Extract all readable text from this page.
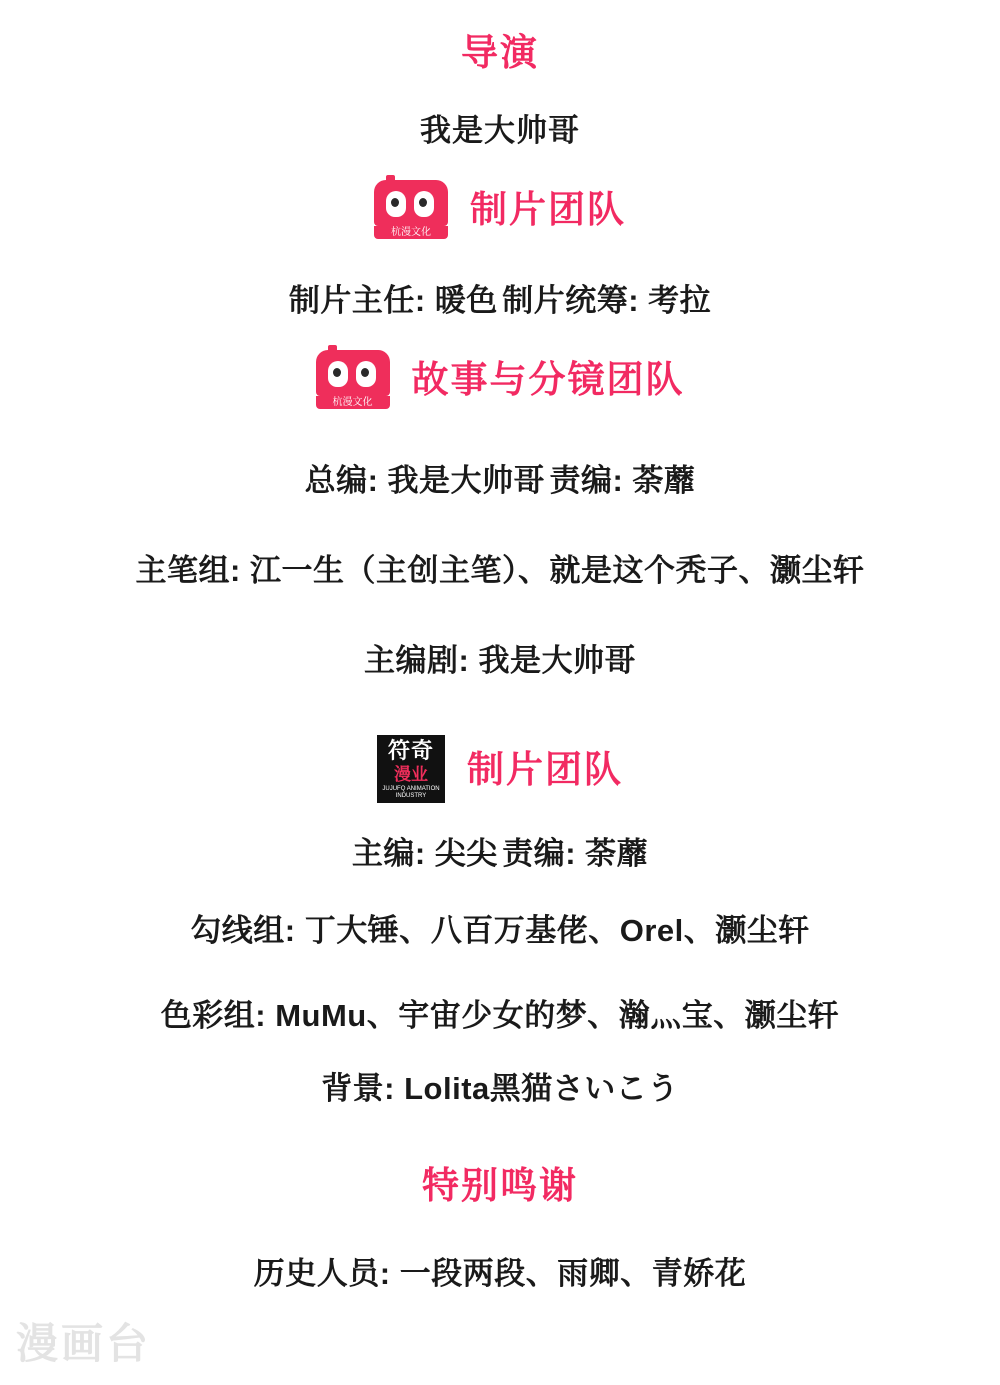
导演
我是大帅哥
杭漫文化
制片团队
制片主任: 暖色 制片统筹: 考拉
杭漫文化
故事与分镜团队
总编: 我是大帅哥 责编: 荼蘼
主笔组: 江一生（主创主笔）、就是这个秃子、灏尘轩
主编剧: 我是大帅哥
符奇
漫业
JUJUFQ ANIMATION INDUSTRY
制片团队
主编: 尖尖 责编: 荼蘼
勾线组: 丁大锤、八百万基佬、Orel、灏尘轩
色彩组: MuMu、宇宙少女的梦、瀚灬宝、灏尘轩
背景: Lolita黑猫さいこう
特别鸣谢
历史人员: 一段两段、雨卿、青娇花
漫画台
